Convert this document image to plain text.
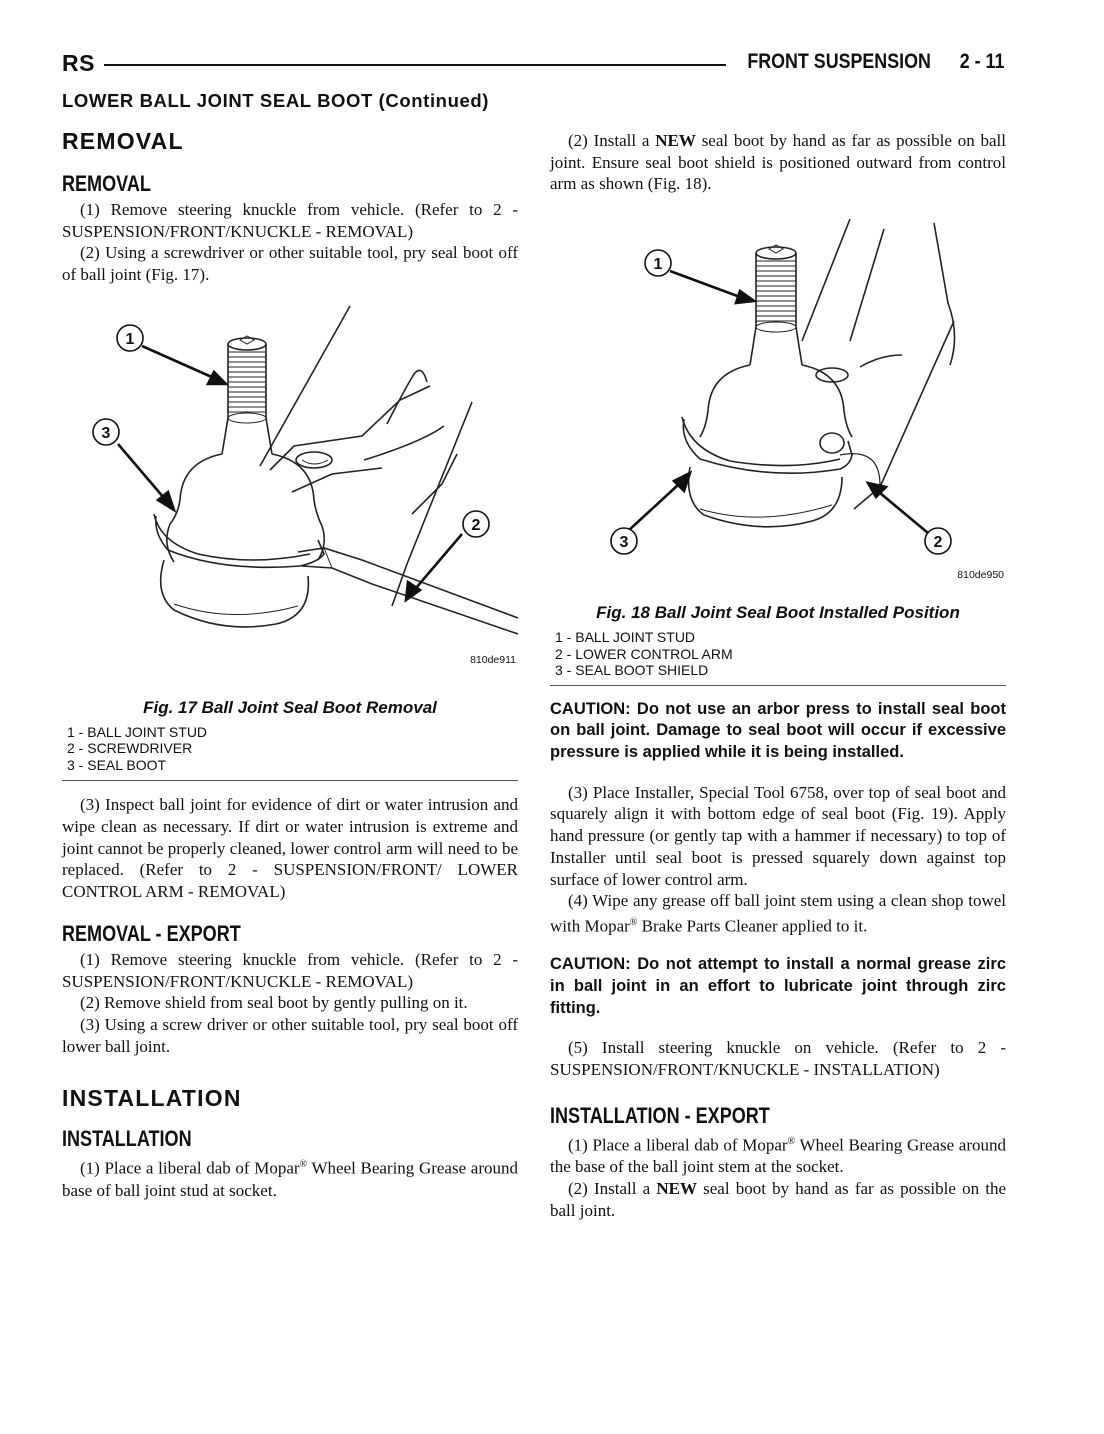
RS	FRONT SUSPENSION 2 - 11
LOWER BALL JOINT SEAL BOOT (Continued)
REMOVAL
REMOVAL

(1) Remove steering knuckle from vehicle. (Refer to 2 - SUSPENSION/FRONT/KNUCKLE - REMOVAL)

(2) Using a screwdriver or other suitable tool, pry seal boot off of ball joint (Fig. 17).

1
3
2
810de911
Fig. 17 Ball Joint Seal Boot Removal
1 - BALL JOINT STUD
2 - SCREWDRIVER
3 - SEAL BOOT

(3) Inspect ball joint for evidence of dirt or water intrusion and wipe clean as necessary. If dirt or water intrusion is extreme and joint cannot be properly cleaned, lower control arm will need to be replaced. (Refer to 2 - SUSPENSION/FRONT/ LOWER CONTROL ARM - REMOVAL)

REMOVAL - EXPORT

(1) Remove steering knuckle from vehicle. (Refer to 2 - SUSPENSION/FRONT/KNUCKLE - REMOVAL)

(2) Remove shield from seal boot by gently pulling on it.

(3) Using a screw driver or other suitable tool, pry seal boot off lower ball joint.

INSTALLATION
INSTALLATION

(1) Place a liberal dab of Mopar® Wheel Bearing Grease around base of ball joint stud at socket.

(2) Install a NEW seal boot by hand as far as possible on ball joint. Ensure seal boot shield is positioned outward from control arm as shown (Fig. 18).

1
3	2
810de950
Fig. 18 Ball Joint Seal Boot Installed Position
1 - BALL JOINT STUD
2 - LOWER CONTROL ARM
3 - SEAL BOOT SHIELD
CAUTION: Do not use an arbor press to install seal boot on ball joint. Damage to seal boot will occur if excessive pressure is applied while it is being installed.

(3) Place Installer, Special Tool 6758, over top of seal boot and squarely align it with bottom edge of seal boot (Fig. 19). Apply hand pressure (or gently tap with a hammer if necessary) to top of Installer until seal boot is pressed squarely down against top surface of lower control arm.

(4) Wipe any grease off ball joint stem using a clean shop towel with Mopar® Brake Parts Cleaner applied to it.

CAUTION: Do not attempt to install a normal grease zirc in ball joint in an effort to lubricate joint through zirc fitting.

(5) Install steering knuckle on vehicle. (Refer to 2 - SUSPENSION/FRONT/KNUCKLE - INSTALLATION)

INSTALLATION - EXPORT

(1) Place a liberal dab of Mopar® Wheel Bearing Grease around the base of the ball joint stem at the socket.

(2) Install a NEW seal boot by hand as far as possible on the ball joint.
